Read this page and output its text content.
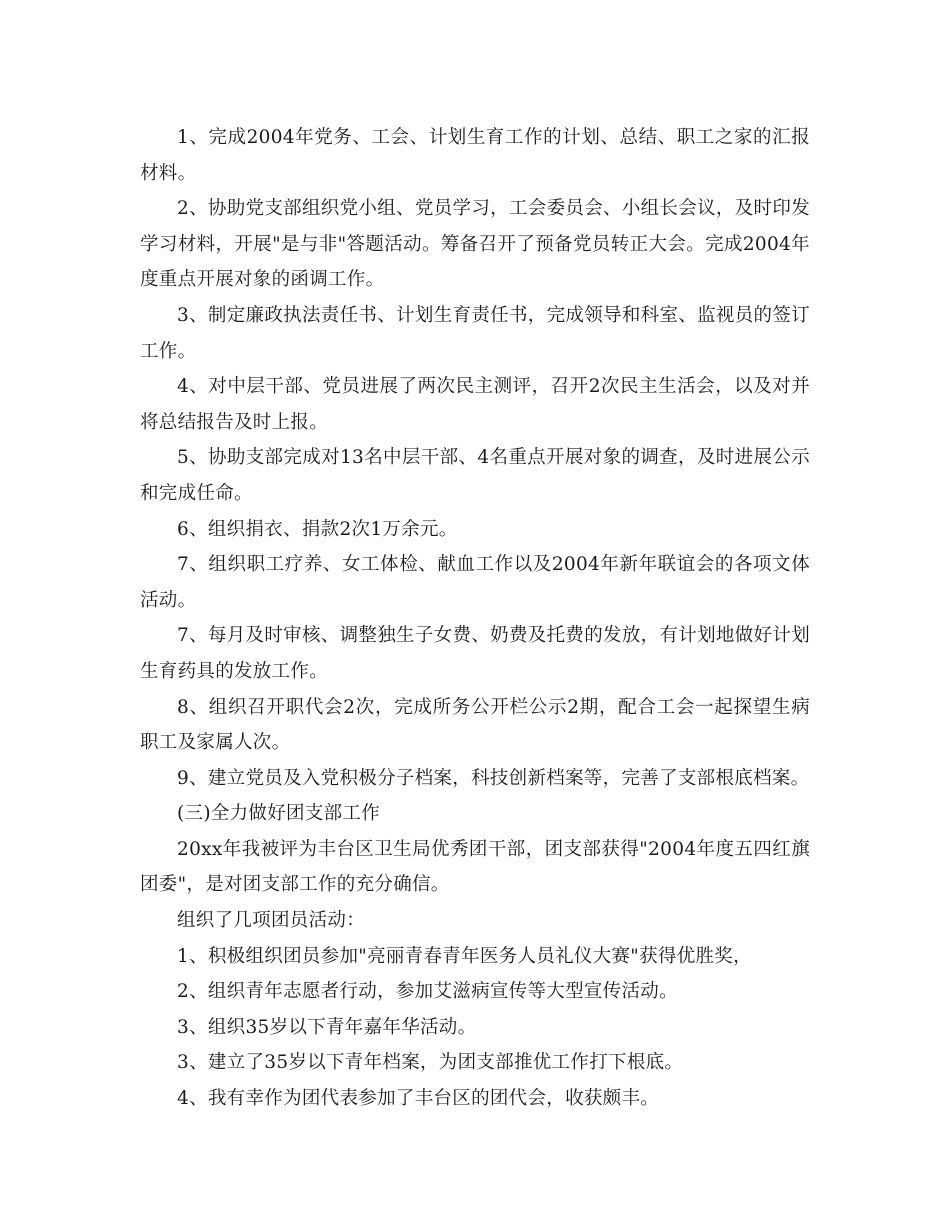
1、完成2004年党务、工会、计划生育工作的计划、总结、职工之家的汇报材料。

2、协助党支部组织党小组、党员学习，工会委员会、小组长会议，及时印发学习材料，开展"是与非"答题活动。筹备召开了预备党员转正大会。完成2004年度重点开展对象的函调工作。

3、制定廉政执法责任书、计划生育责任书，完成领导和科室、监视员的签订工作。

4、对中层干部、党员进展了两次民主测评，召开2次民主生活会，以及对并将总结报告及时上报。

5、协助支部完成对13名中层干部、4名重点开展对象的调查，及时进展公示和完成任命。

6、组织捐衣、捐款2次1万余元。

7、组织职工疗养、女工体检、献血工作以及2004年新年联谊会的各项文体活动。

7、每月及时审核、调整独生子女费、奶费及托费的发放，有计划地做好计划生育药具的发放工作。

8、组织召开职代会2次，完成所务公开栏公示2期，配合工会一起探望生病职工及家属人次。

9、建立党员及入党积极分子档案，科技创新档案等，完善了支部根底档案。

(三)全力做好团支部工作

20xx年我被评为丰台区卫生局优秀团干部，团支部获得"2004年度五四红旗团委"，是对团支部工作的充分确信。

组织了几项团员活动：

1、积极组织团员参加"亮丽青春青年医务人员礼仪大赛"获得优胜奖，

2、组织青年志愿者行动，参加艾滋病宣传等大型宣传活动。

3、组织35岁以下青年嘉年华活动。

3、建立了35岁以下青年档案，为团支部推优工作打下根底。

4、我有幸作为团代表参加了丰台区的团代会，收获颇丰。
